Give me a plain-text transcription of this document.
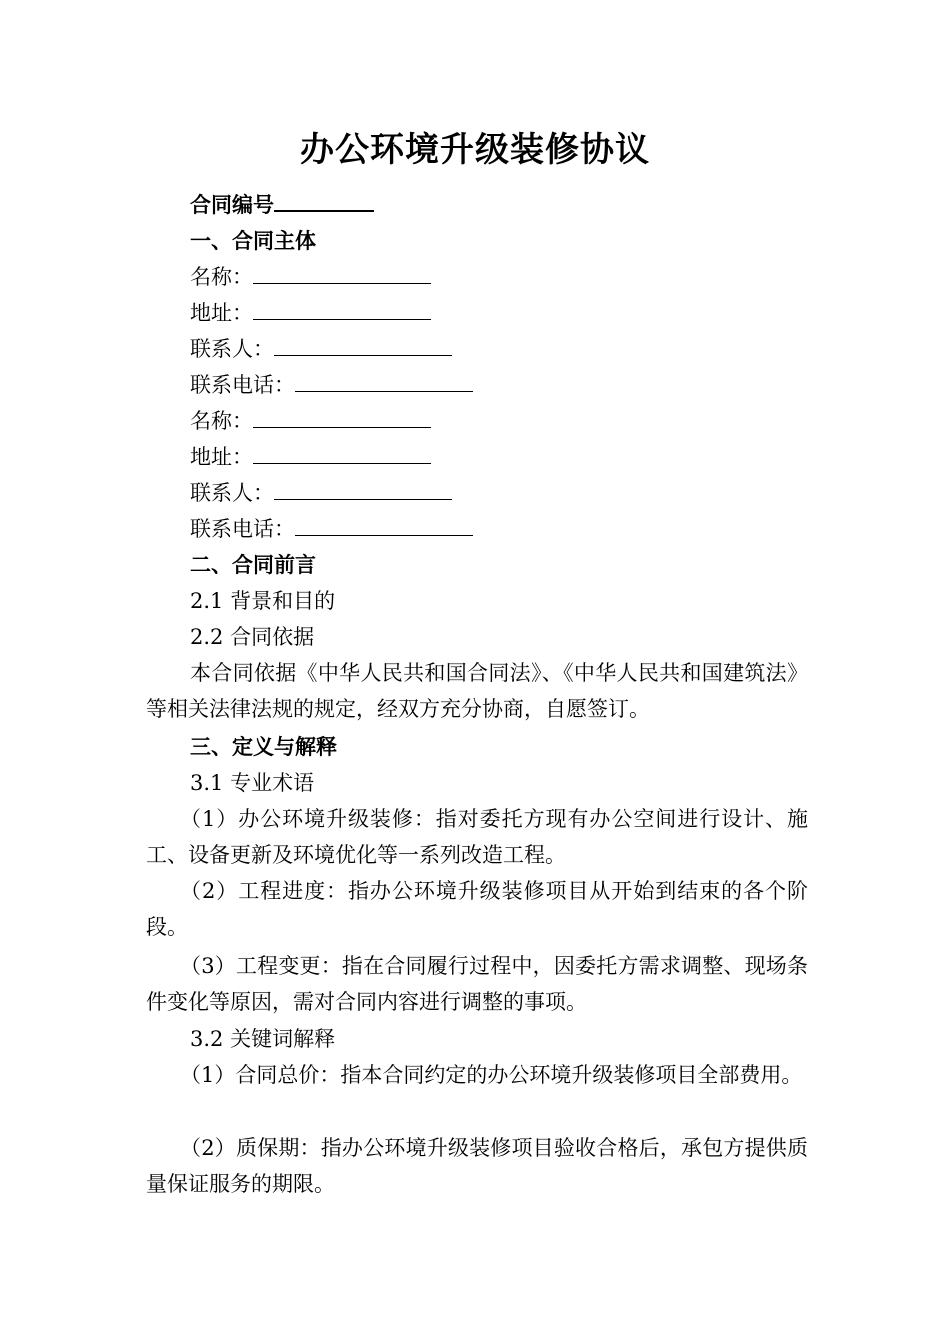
办公环境升级装修协议
合同编号
一、合同主体
名称：
地址：
联系人：
联系电话：
名称：
地址：
联系人：
联系电话：
二、合同前言
2.1 背景和目的
2.2 合同依据
本合同依据《中华人民共和国合同法》、《中华人民共和国建筑法》等相关法律法规的规定，经双方充分协商，自愿签订。
三、定义与解释
3.1 专业术语
（1）办公环境升级装修：指对委托方现有办公空间进行设计、施工、设备更新及环境优化等一系列改造工程。
（2）工程进度：指办公环境升级装修项目从开始到结束的各个阶段。
（3）工程变更：指在合同履行过程中，因委托方需求调整、现场条件变化等原因，需对合同内容进行调整的事项。
3.2 关键词解释
（1）合同总价：指本合同约定的办公环境升级装修项目全部费用。
（2）质保期：指办公环境升级装修项目验收合格后，承包方提供质量保证服务的期限。
